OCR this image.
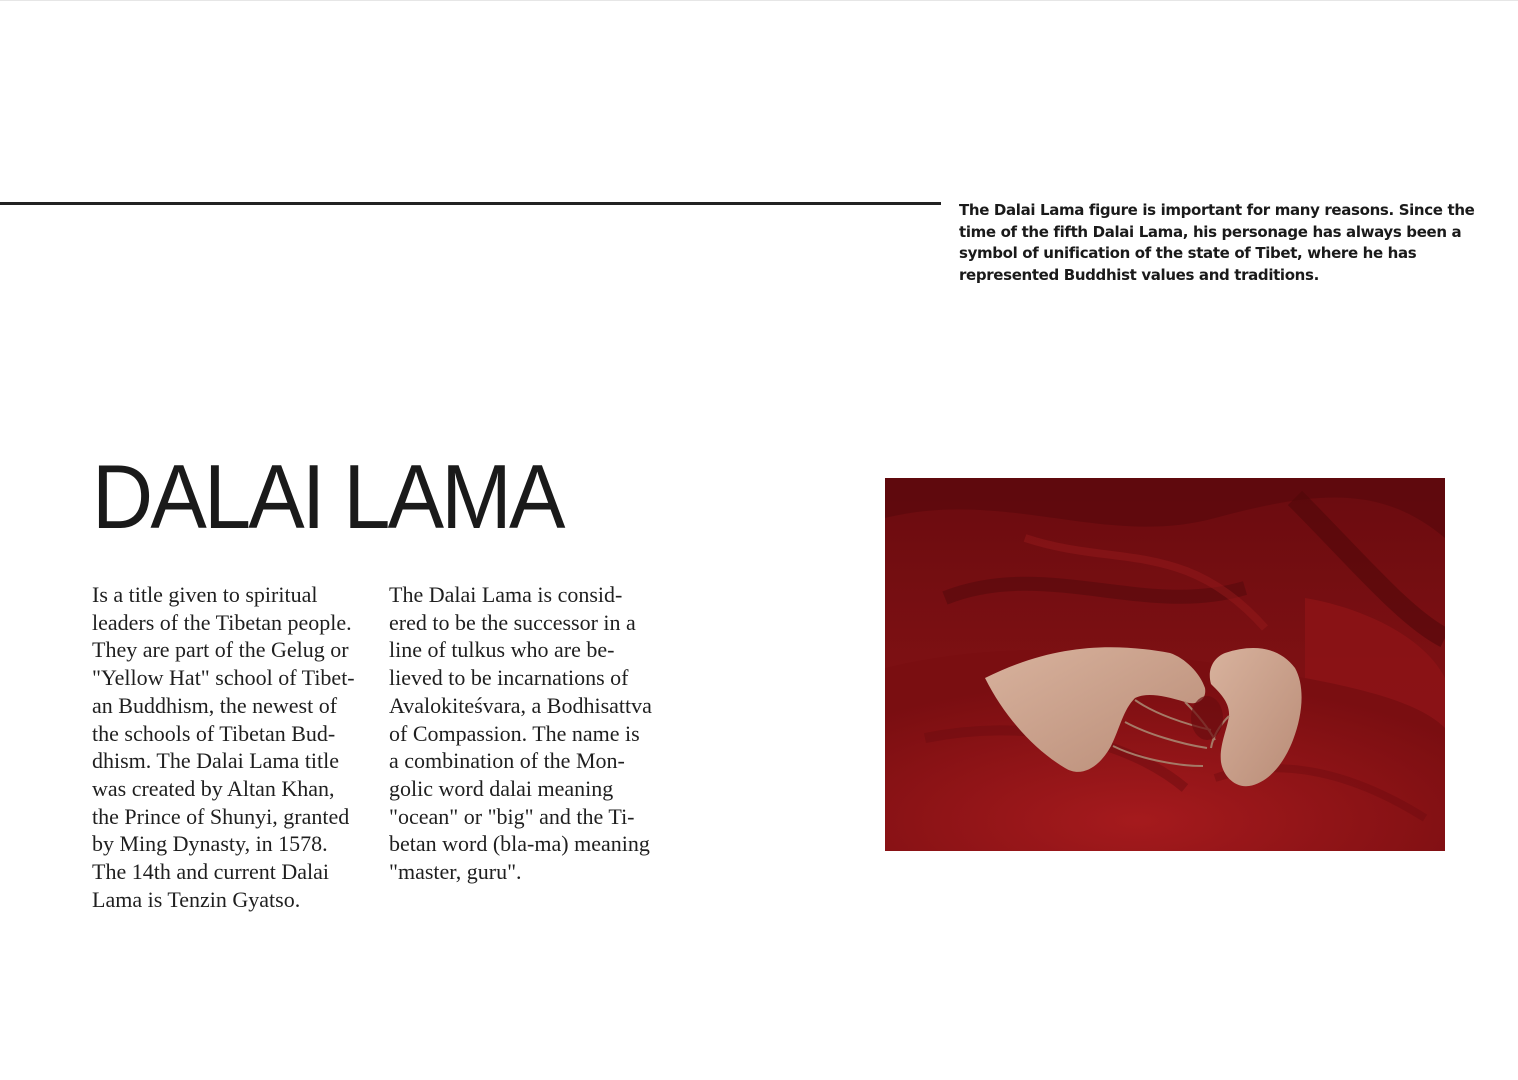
The Dalai Lama figure is important for many reasons. Since the time of the fifth Dalai Lama, his personage has always been a symbol of unification of the state of Tibet, where he has represented Buddhist values and traditions.

DALAI LAMA

Is a title given to spiritual
leaders of the Tibetan people.
They are part of the Gelug or
"Yellow Hat" school of Tibet-
an Buddhism, the newest of
the schools of Tibetan Bud-
dhism. The Dalai Lama title
was created by Altan Khan,
the Prince of Shunyi, granted
by Ming Dynasty, in 1578.
The 14th and current Dalai
Lama is Tenzin Gyatso.

The Dalai Lama is consid-
ered to be the successor in a
line of tulkus who are be-
lieved to be incarnations of
Avalokiteśvara, a Bodhisattva
of Compassion. The name is
a combination of the Mon-
golic word dalai meaning
"ocean" or "big" and the Ti-
betan word (bla-ma) meaning
"master, guru".
